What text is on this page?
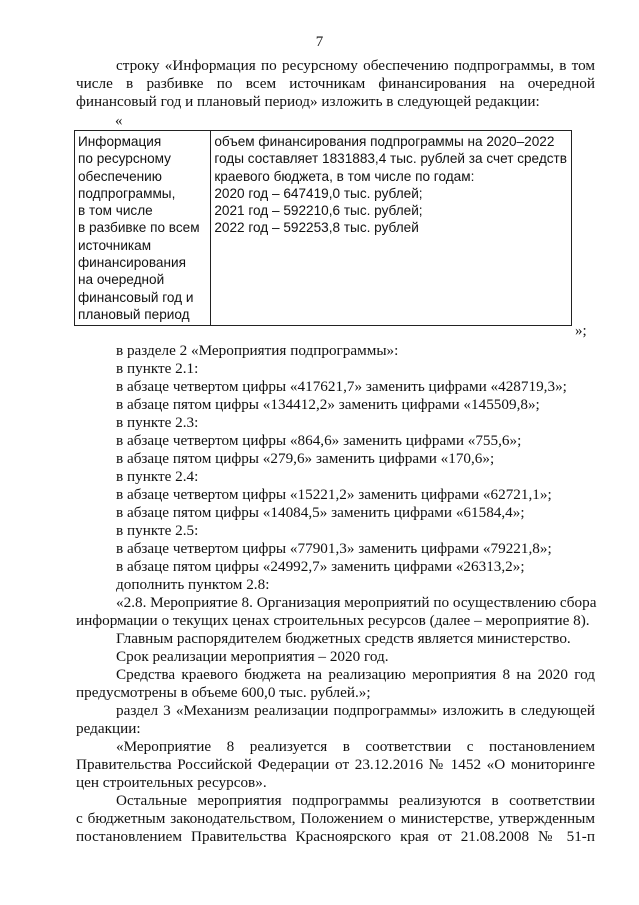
7
строку «Информация по ресурсному обеспечению подпрограммы, в том
числе в разбивке по всем источникам финансирования на очередной
финансовый год и плановый период» изложить в следующей редакции:
«
Информация
по ресурсному
обеспечению
подпрограммы,
в том числе
в разбивке по всем
источникам
финансирования
на очередной
финансовый год и
плановый период

объем финансирования подпрограммы на 2020–2022
годы составляет 1831883,4 тыс. рублей за счет средств
краевого бюджета, в том числе по годам:
2020 год – 647419,0 тыс. рублей;
2021 год – 592210,6 тыс. рублей;
2022 год – 592253,8 тыс. рублей
»;
в разделе 2 «Мероприятия подпрограммы»:
в пункте 2.1:
в абзаце четвертом цифры «417621,7» заменить цифрами «428719,3»;
в абзаце пятом цифры «134412,2» заменить цифрами «145509,8»;
в пункте 2.3:
в абзаце четвертом цифры «864,6» заменить цифрами «755,6»;
в абзаце пятом цифры «279,6» заменить цифрами «170,6»;
в пункте 2.4:
в абзаце четвертом цифры «15221,2» заменить цифрами «62721,1»;
в абзаце пятом цифры «14084,5» заменить цифрами «61584,4»;
в пункте 2.5:
в абзаце четвертом цифры «77901,3» заменить цифрами «79221,8»;
в абзаце пятом цифры «24992,7» заменить цифрами «26313,2»;
дополнить пунктом 2.8:
«2.8. Мероприятие 8. Организация мероприятий по осуществлению сбора
информации о текущих ценах строительных ресурсов (далее – мероприятие 8).
Главным распорядителем бюджетных средств является министерство.
Срок реализации мероприятия – 2020 год.
Средства краевого бюджета на реализацию мероприятия 8 на 2020 год
предусмотрены в объеме 600,0 тыс. рублей.»;
раздел 3 «Механизм реализации подпрограммы» изложить в следующей
редакции:
«Мероприятие 8 реализуется в соответствии с постановлением
Правительства Российской Федерации от 23.12.2016 № 1452 «О мониторинге
цен строительных ресурсов».
Остальные мероприятия подпрограммы реализуются в соответствии
с бюджетным законодательством, Положением о министерстве, утвержденным
постановлением Правительства Красноярского края от 21.08.2008 № 51-п
